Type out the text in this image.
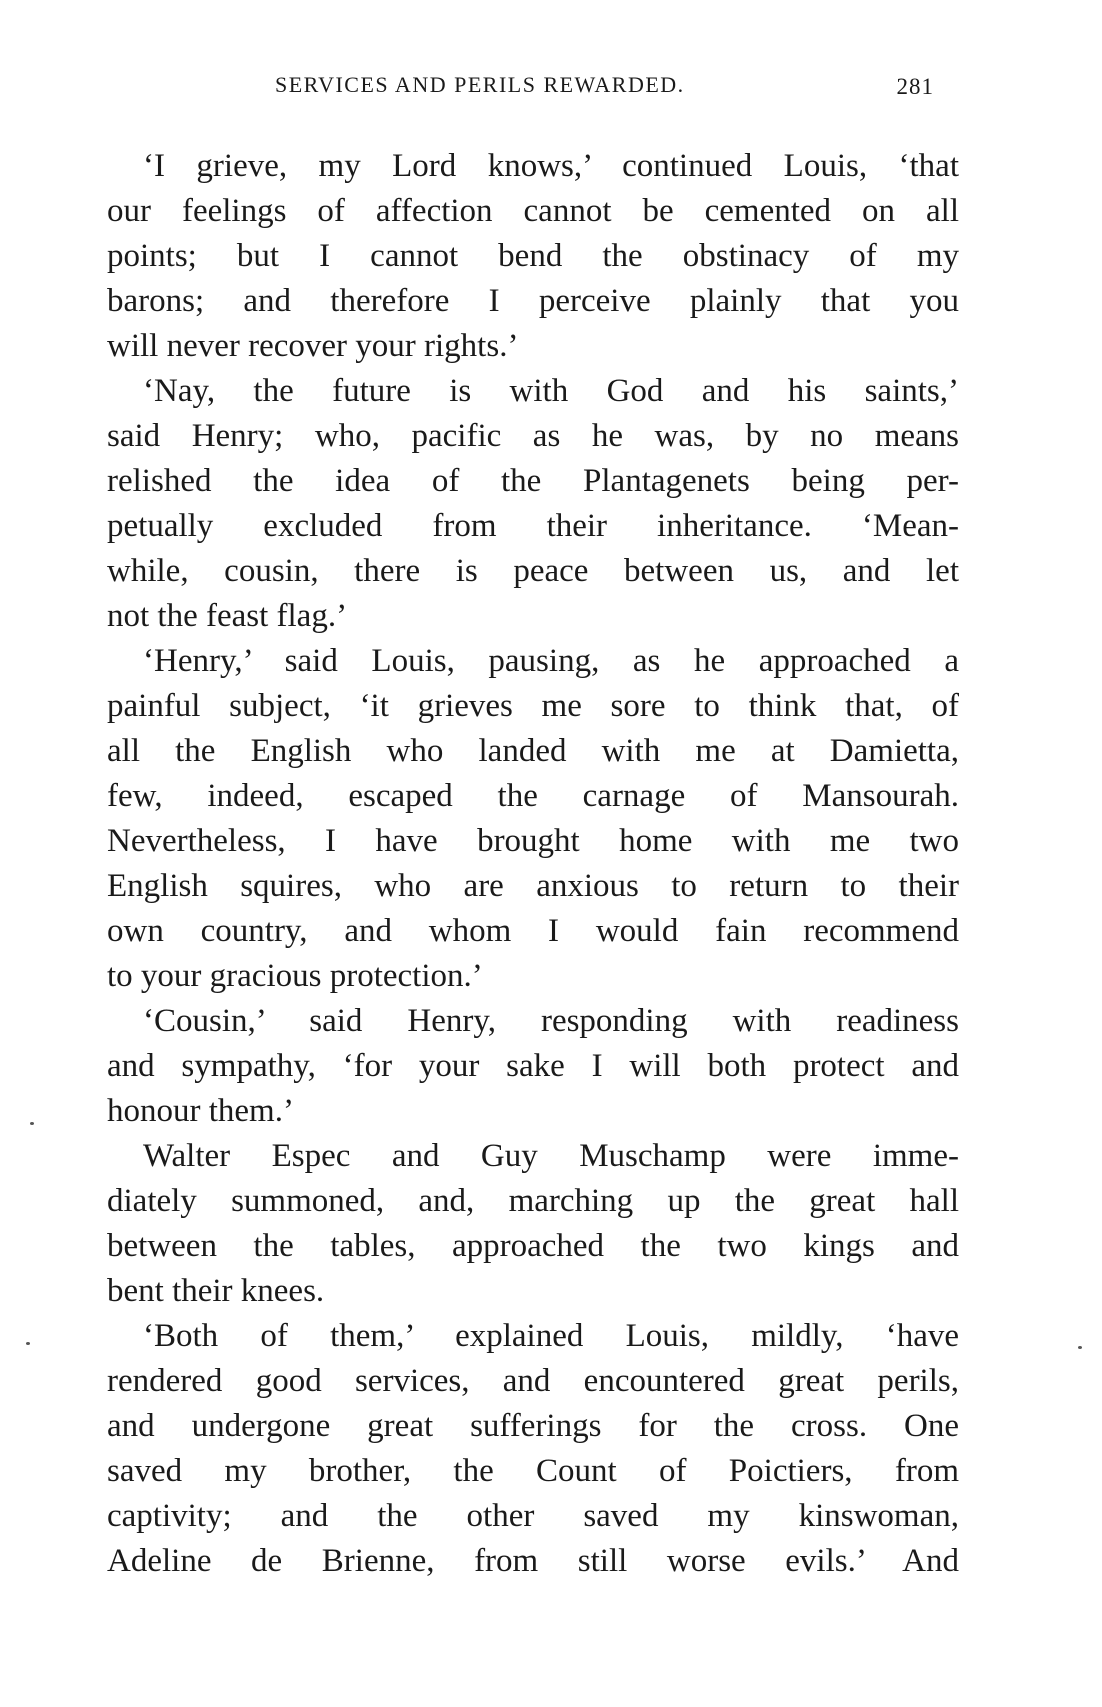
SERVICES AND PERILS REWARDED.	281
‘I grieve, my Lord knows,’ continued Louis, ‘that
our feelings of affection cannot be cemented on all
points; but I cannot bend the obstinacy of my
barons; and therefore I perceive plainly that you
will never recover your rights.’
‘Nay, the future is with God and his saints,’
said Henry; who, pacific as he was, by no means
relished the idea of the Plantagenets being per-
petually excluded from their inheritance. ‘Mean-
while, cousin, there is peace between us, and let
not the feast flag.’
‘Henry,’ said Louis, pausing, as he approached a
painful subject, ‘it grieves me sore to think that, of
all the English who landed with me at Damietta,
few, indeed, escaped the carnage of Mansourah.
Nevertheless, I have brought home with me two
English squires, who are anxious to return to their
own country, and whom I would fain recommend
to your gracious protection.’
‘Cousin,’ said Henry, responding with readiness
and sympathy, ‘for your sake I will both protect and
honour them.’
Walter Espec and Guy Muschamp were imme-
diately summoned, and, marching up the great hall
between the tables, approached the two kings and
bent their knees.
‘Both of them,’ explained Louis, mildly, ‘have
rendered good services, and encountered great perils,
and undergone great sufferings for the cross. One
saved my brother, the Count of Poictiers, from
captivity; and the other saved my kinswoman,
Adeline de Brienne, from still worse evils.’ And
